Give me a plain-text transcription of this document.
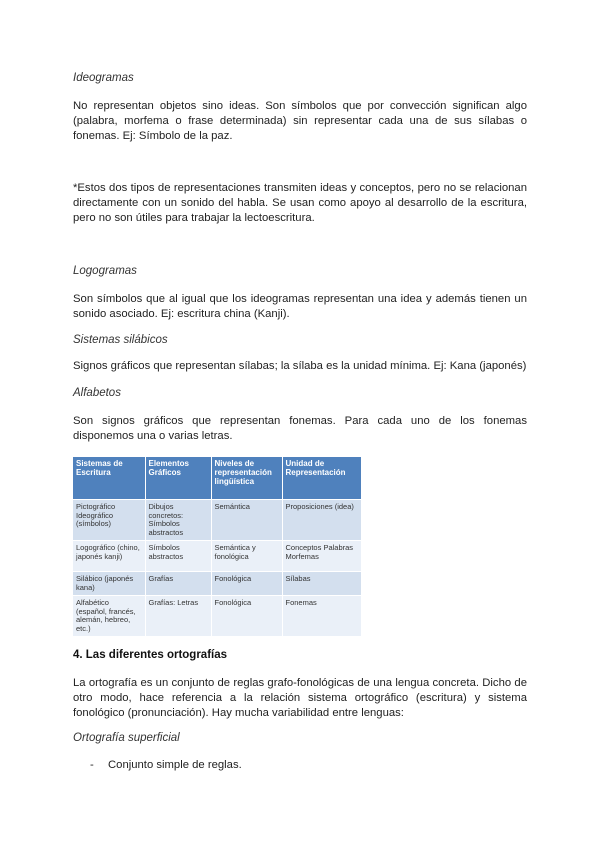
Ideogramas

No representan objetos sino ideas. Son símbolos que por convección significan algo (palabra, morfema o frase determinada) sin representar cada una de sus sílabas o fonemas. Ej: Símbolo de la paz.

*Estos dos tipos de representaciones transmiten ideas y conceptos, pero no se relacionan directamente con un sonido del habla. Se usan como apoyo al desarrollo de la escritura, pero no son útiles para trabajar la lectoescritura.

Logogramas

Son símbolos que al igual que los ideogramas representan una idea y además tienen un sonido asociado. Ej: escritura china (Kanji).

Sistemas silábicos

Signos gráficos que representan sílabas; la sílaba es la unidad mínima. Ej: Kana (japonés)

Alfabetos

Son signos gráficos que representan fonemas. Para cada uno de los fonemas disponemos una o varias letras.

Sistemas de Escritura	Elementos Gráficos	Niveles de representación lingüística	Unidad de Representación
Pictográfico Ideográfico (símbolos)	Dibujos concretos: Símbolos abstractos	Semántica	Proposiciones (idea)
Logográfico (chino, japonés kanji)	Símbolos abstractos	Semántica y fonológica	Conceptos Palabras Morfemas
Silábico (japonés kana)	Grafías	Fonológica	Sílabas
Alfabético (español, francés, alemán, hebreo, etc.)	Grafías: Letras	Fonológica	Fonemas
4. Las diferentes ortografías

La ortografía es un conjunto de reglas grafo-fonológicas de una lengua concreta. Dicho de otro modo, hace referencia a la relación sistema ortográfico (escritura) y sistema fonológico (pronunciación). Hay mucha variabilidad entre lenguas:

Ortografía superficial
- Conjunto simple de reglas.
